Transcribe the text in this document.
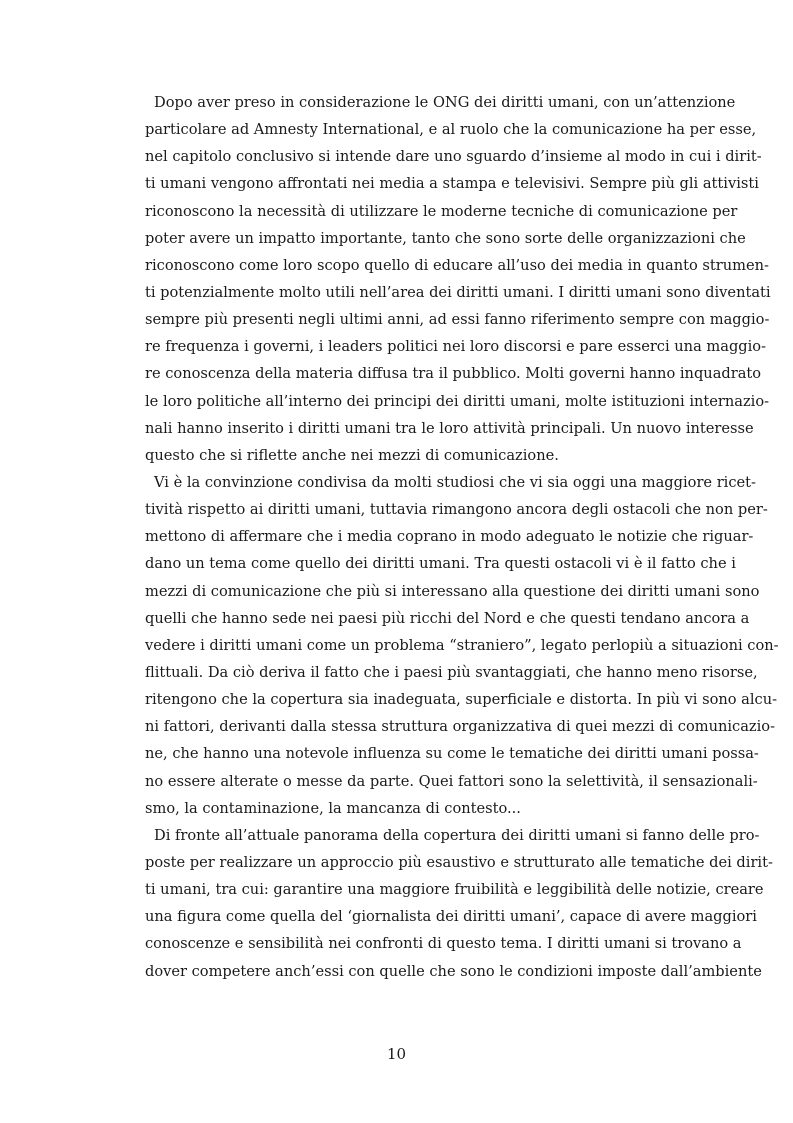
Dopo aver preso in considerazione le ONG dei diritti umani, con un’attenzione
particolare ad Amnesty International, e al ruolo che la comunicazione ha per esse,
nel capitolo conclusivo si intende dare uno sguardo d’insieme al modo in cui i dirit-
ti umani vengono affrontati nei media a stampa e televisivi. Sempre più gli attivisti
riconoscono la necessità di utilizzare le moderne tecniche di comunicazione per
poter avere un impatto importante, tanto che sono sorte delle organizzazioni che
riconoscono come loro scopo quello di educare all’uso dei media in quanto strumen-
ti potenzialmente molto utili nell’area dei diritti umani. I diritti umani sono diventati
sempre più presenti negli ultimi anni, ad essi fanno riferimento sempre con maggio-
re frequenza i governi, i leaders politici nei loro discorsi e pare esserci una maggio-
re conoscenza della materia diffusa tra il pubblico. Molti governi hanno inquadrato
le loro politiche all’interno dei principi dei diritti umani, molte istituzioni internazio-
nali hanno inserito i diritti umani tra le loro attività principali. Un nuovo interesse
questo che si riflette anche nei mezzi di comunicazione.
Vi è la convinzione condivisa da molti studiosi che vi sia oggi una maggiore ricet-
tività rispetto ai diritti umani, tuttavia rimangono ancora degli ostacoli che non per-
mettono di affermare che i media coprano in modo adeguato le notizie che riguar-
dano un tema come quello dei diritti umani. Tra questi ostacoli vi è il fatto che i
mezzi di comunicazione che più si interessano alla questione dei diritti umani sono
quelli che hanno sede nei paesi più ricchi del Nord e che questi tendano ancora a
vedere i diritti umani come un problema “straniero”, legato perlopiù a situazioni con-
flittuali. Da ciò deriva il fatto che i paesi più svantaggiati, che hanno meno risorse,
ritengono che la copertura sia inadeguata, superficiale e distorta. In più vi sono alcu-
ni fattori, derivanti dalla stessa struttura organizzativa di quei mezzi di comunicazio-
ne, che hanno una notevole influenza su come le tematiche dei diritti umani possa-
no essere alterate o messe da parte. Quei fattori sono la selettività, il sensazionali-
smo, la contaminazione, la mancanza di contesto...
Di fronte all’attuale panorama della copertura dei diritti umani si fanno delle pro-
poste per realizzare un approccio più esaustivo e strutturato alle tematiche dei dirit-
ti umani, tra cui: garantire una maggiore fruibilità e leggibilità delle notizie, creare
una figura come quella del ‘giornalista dei diritti umani’, capace di avere maggiori
conoscenze e sensibilità nei confronti di questo tema. I diritti umani si trovano a
dover competere anch’essi con quelle che sono le condizioni imposte dall’ambiente
10
